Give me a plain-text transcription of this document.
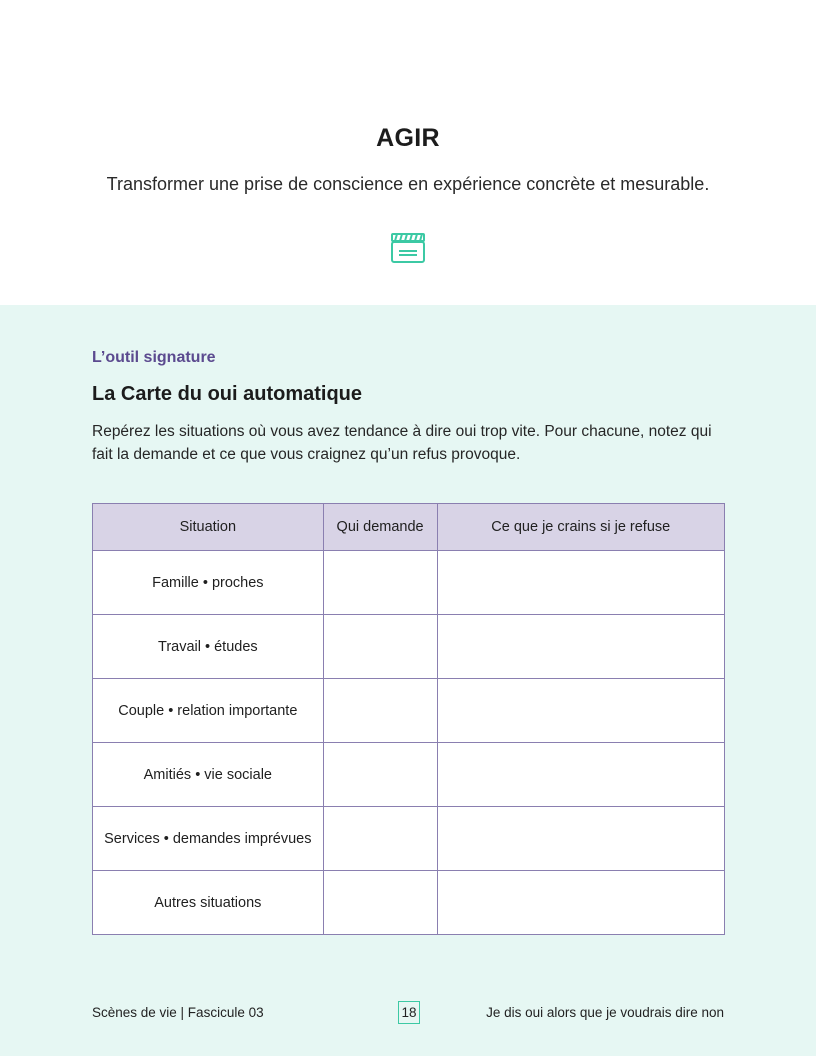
AGIR
Transformer une prise de conscience en expérience concrète et mesurable.
L’outil signature
La Carte du oui automatique
Repérez les situations où vous avez tendance à dire oui trop vite. Pour chacune, notez qui fait la demande et ce que vous craignez qu’un refus provoque.
Situation	Qui demande	Ce que je crains si je refuse
Famille • proches		
Travail • études		
Couple • relation importante		
Amitiés • vie sociale		
Services • demandes imprévues		
Autres situations		
Scènes de vie | Fascicule 03	18	Je dis oui alors que je voudrais dire non
